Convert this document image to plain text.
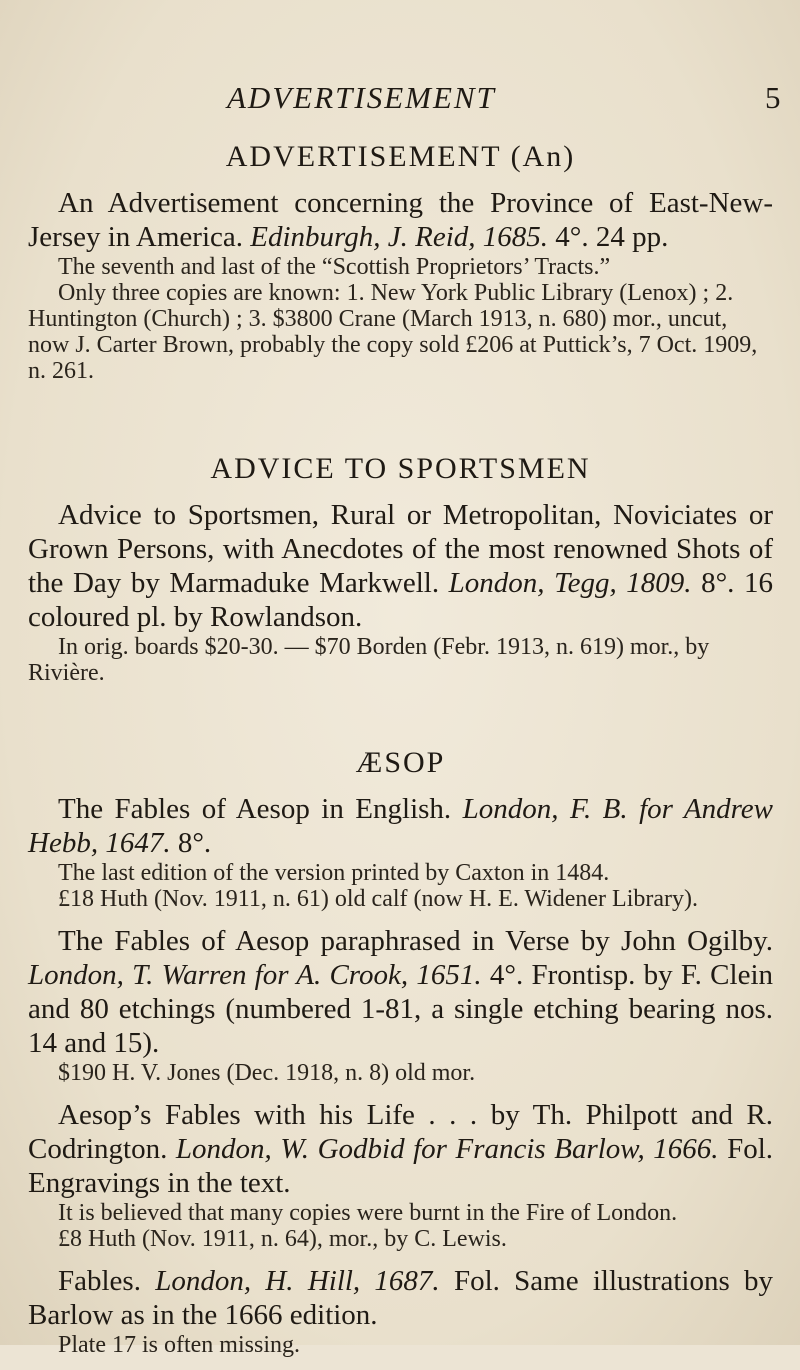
ADVERTISEMENT	5
ADVERTISEMENT (An)

An Advertisement concerning the Province of East-New-Jersey in America. Edinburgh, J. Reid, 1685. 4°. 24 pp.

The seventh and last of the “Scottish Proprietors’ Tracts.”

Only three copies are known: 1. New York Public Library (Lenox) ; 2. Huntington (Church) ; 3. $3800 Crane (March 1913, n. 680) mor., uncut, now J. Carter Brown, probably the copy sold £206 at Puttick’s, 7 Oct. 1909, n. 261.

ADVICE TO SPORTSMEN

Advice to Sportsmen, Rural or Metropolitan, Noviciates or Grown Persons, with Anecdotes of the most renowned Shots of the Day by Marmaduke Markwell. London, Tegg, 1809. 8°. 16 coloured pl. by Rowlandson.

In orig. boards $20-30. — $70 Borden (Febr. 1913, n. 619) mor., by Rivière.

ÆSOP

The Fables of Aesop in English. London, F. B. for Andrew Hebb, 1647. 8°.

The last edition of the version printed by Caxton in 1484.

£18 Huth (Nov. 1911, n. 61) old calf (now H. E. Widener Library).

The Fables of Aesop paraphrased in Verse by John Ogilby. London, T. Warren for A. Crook, 1651. 4°. Frontisp. by F. Clein and 80 etchings (numbered 1-81, a single etching bearing nos. 14 and 15).

$190 H. V. Jones (Dec. 1918, n. 8) old mor.

Aesop’s Fables with his Life . . . by Th. Philpott and R. Codrington. London, W. Godbid for Francis Barlow, 1666. Fol. Engravings in the text.

It is believed that many copies were burnt in the Fire of London.

£8 Huth (Nov. 1911, n. 64), mor., by C. Lewis.

Fables. London, H. Hill, 1687. Fol. Same illustrations by Barlow as in the 1666 edition.

Plate 17 is often missing.
